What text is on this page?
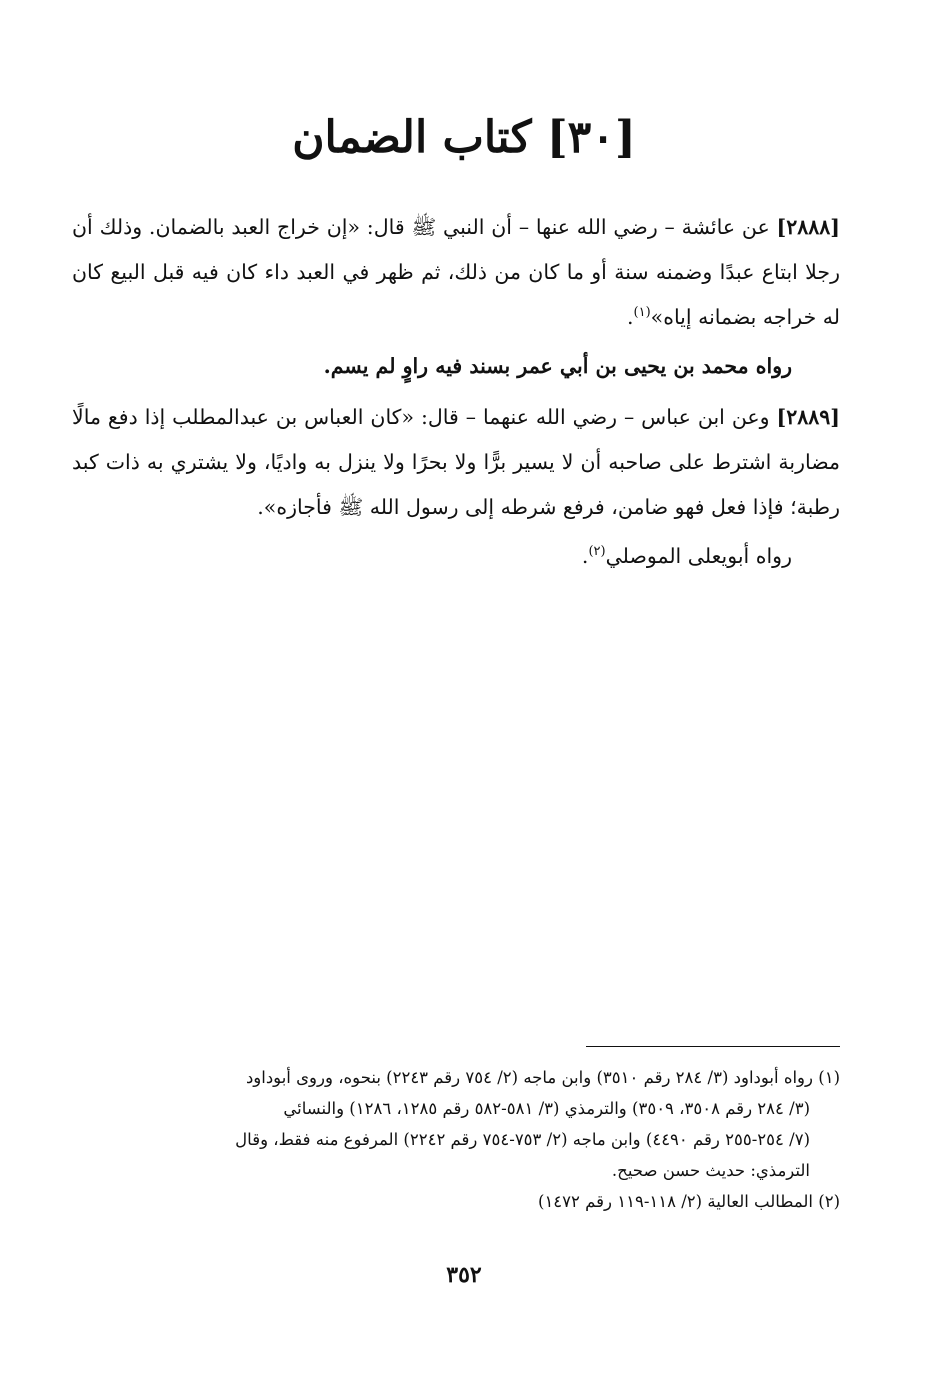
[٣٠] كتاب الضمان

[٢٨٨٨] عن عائشة – رضي الله عنها – أن النبي ﷺ قال: «إن خراج العبد بالضمان. وذلك أن رجلا ابتاع عبدًا وضمنه سنة أو ما كان من ذلك، ثم ظهر في العبد داء كان فيه قبل البيع كان له خراجه بضمانه إياه»$^{(١)}$.

رواه محمد بن يحيى بن أبي عمر بسند فيه راوٍ لم يسم.

[٢٨٨٩] وعن ابن عباس – رضي الله عنهما – قال: «كان العباس بن عبدالمطلب إذا دفع مالًا مضاربة اشترط على صاحبه أن لا يسير برًّا ولا بحرًا ولا ينزل به واديًا، ولا يشتري به ذات كبد رطبة؛ فإذا فعل فهو ضامن، فرفع شرطه إلى رسول الله ﷺ فأجازه».

رواه أبويعلى الموصلي$^{(٢)}$.

(١) رواه أبوداود (٣/ ٢٨٤ رقم ٣٥١٠) وابن ماجه (٢/ ٧٥٤ رقم ٢٢٤٣) بنحوه، وروى أبوداود

(٣/ ٢٨٤ رقم ٣٥٠٨، ٣٥٠٩) والترمذي (٣/ ٥٨١-٥٨٢ رقم ١٢٨٥، ١٢٨٦) والنسائي

(٧/ ٢٥٤-٢٥٥ رقم ٤٤٩٠) وابن ماجه (٢/ ٧٥٣-٧٥٤ رقم ٢٢٤٢) المرفوع منه فقط، وقال

الترمذي: حديث حسن صحيح.

(٢) المطالب العالية (٢/ ١١٨-١١٩ رقم ١٤٧٢)

٣٥٢
